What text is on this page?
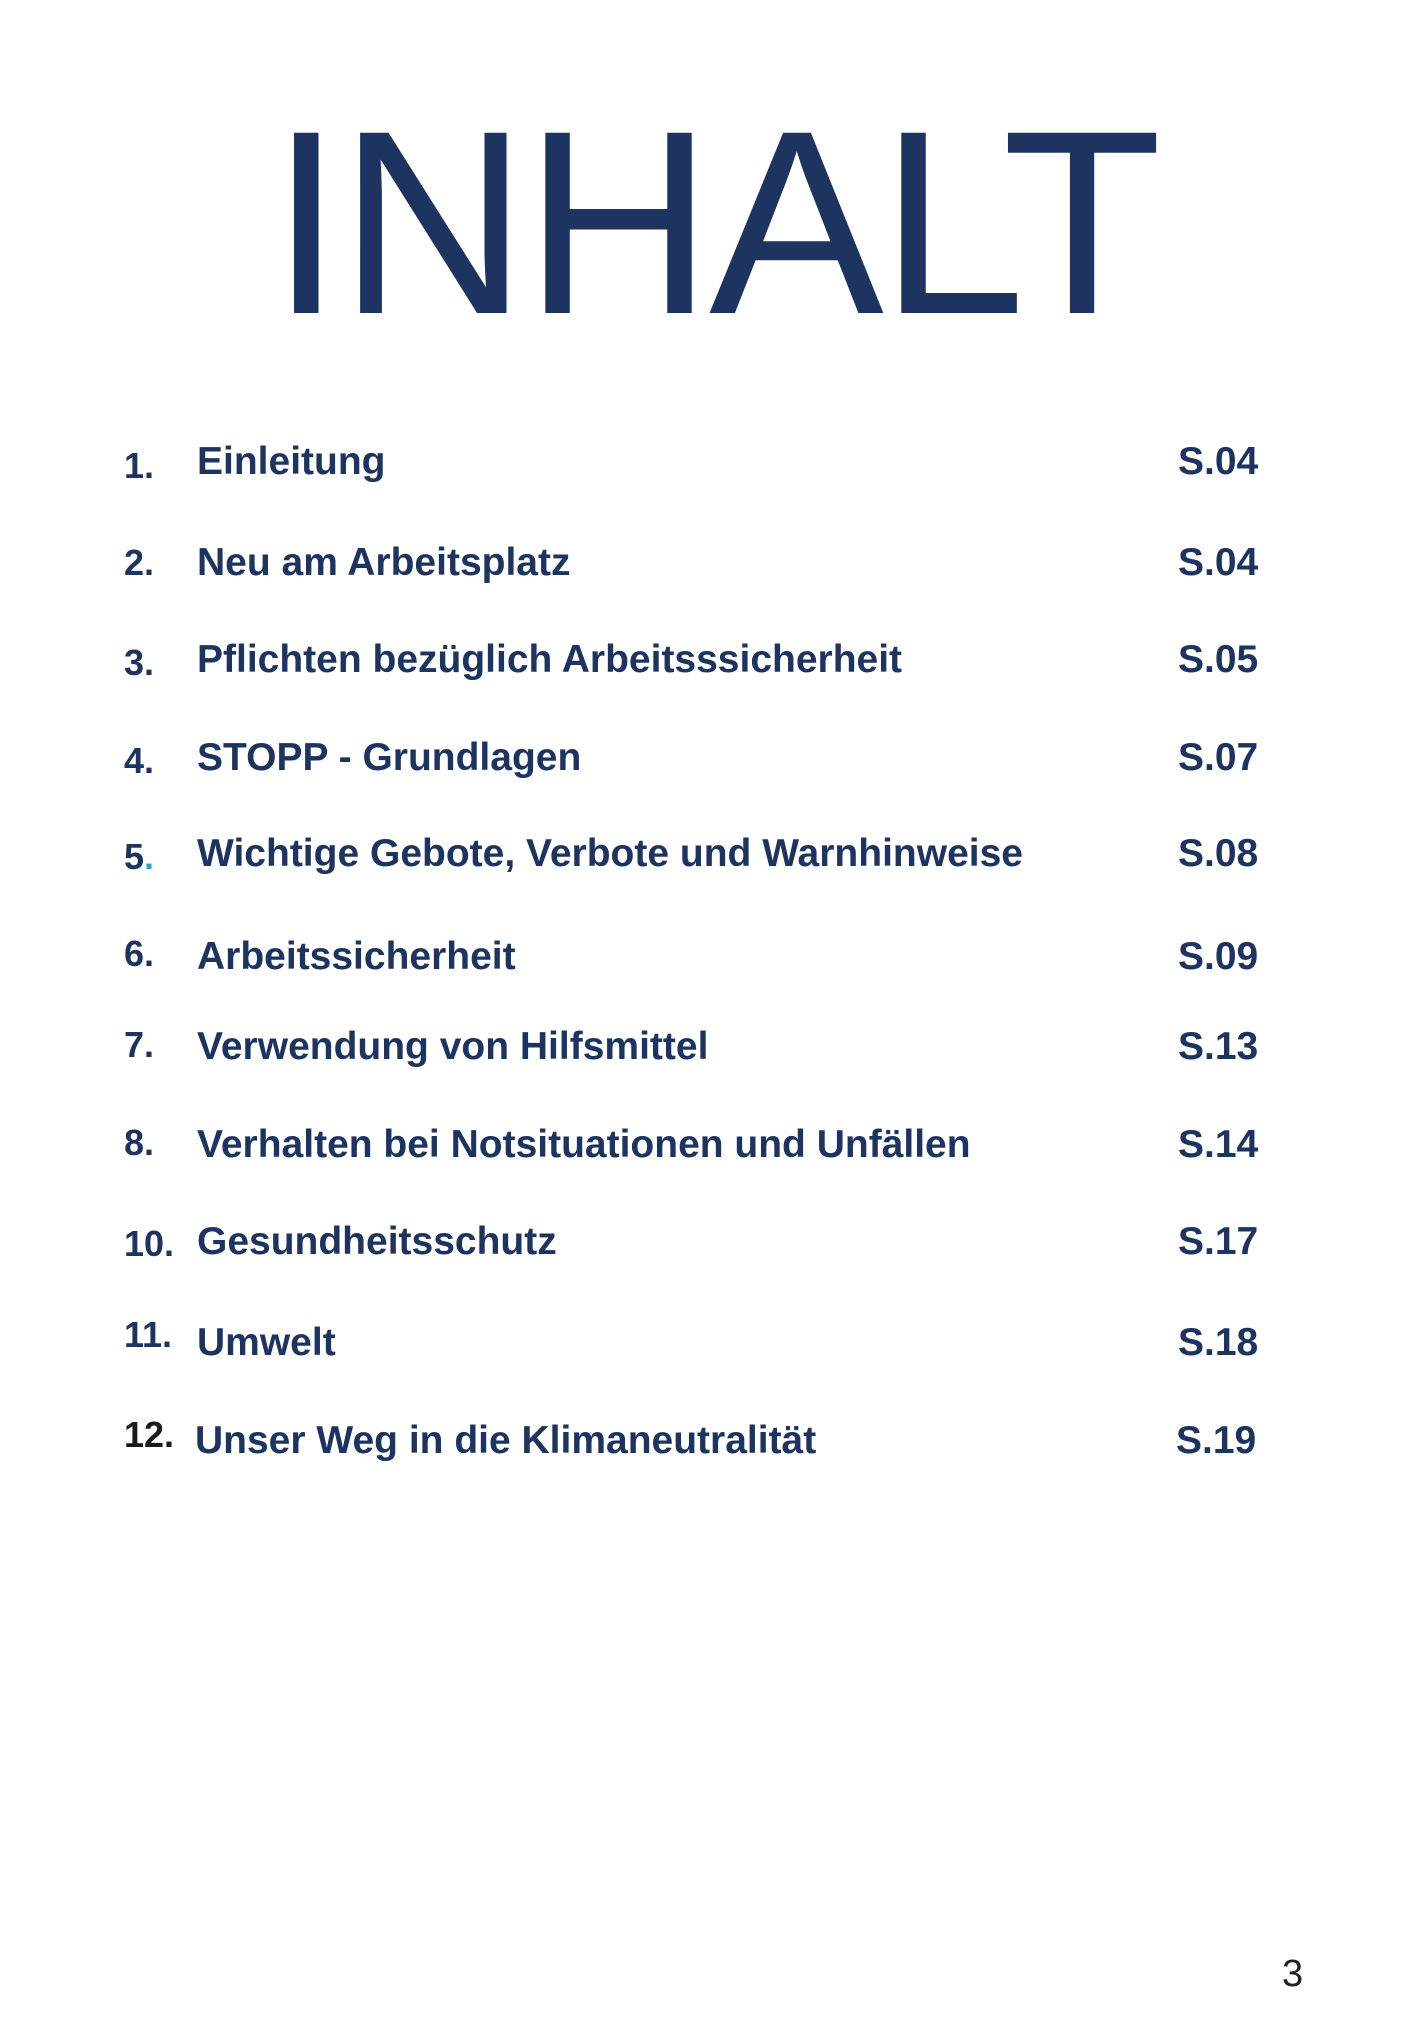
INHALT
1. Einleitung	S.04
2. Neu am Arbeitsplatz	S.04
3. Pflichten bezüglich Arbeitsssicherheit	S.05
4. STOPP - Grundlagen	S.07
5. Wichtige Gebote, Verbote und Warnhinweise	S.08
6. Arbeitssicherheit	S.09
7. Verwendung von Hilfsmittel	S.13
8. Verhalten bei Notsituationen und Unfällen	S.14
10. Gesundheitsschutz	S.17
11. Umwelt	S.18
12. Unser Weg in die Klimaneutralität	S.19
3
